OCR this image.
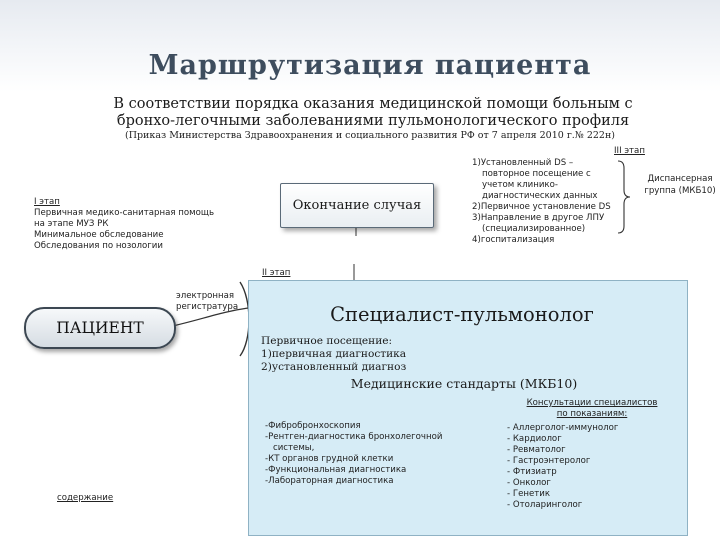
Маршрутизация пациента
В соответствии порядка оказания медицинской помощи больным с
бронхо-легочными заболеваниями пульмонологического профиля
(Приказ Министерства Здравоохранения и социального развития РФ от 7 апреля 2010 г.№ 222н)
III этап
1)Установленный DS –
повторное посещение с
учетом клинико-
диагностических данных
2)Первичное установление DS
3)Направление в другое ЛПУ
(специализированное)
4)госпитализация
Диспансерная
группа (МКБ10)
I этап
Первичная медико-санитарная помощь
на этапе МУЗ РК
Минимальное обследование
Обследования по нозологии
Окончание случая
II этап
ПАЦИЕНТ
электронная
регистратура
содержание
Специалист-пульмонолог
Первичное посещение:
1)первичная диагностика
2)установленный диагноз
Медицинские стандарты (МКБ10)
Консультации специалистов
по показаниям:
- Аллерголог-иммунолог
- Кардиолог
- Ревматолог
- Гастроэнтеролог
- Фтизиатр
- Онколог
- Генетик
- Отоларинголог
-Фибробронхоскопия
-Рентген-диагностика бронхолегочной
системы,
-КТ органов грудной клетки
-Функциональная диагностика
-Лабораторная диагностика
